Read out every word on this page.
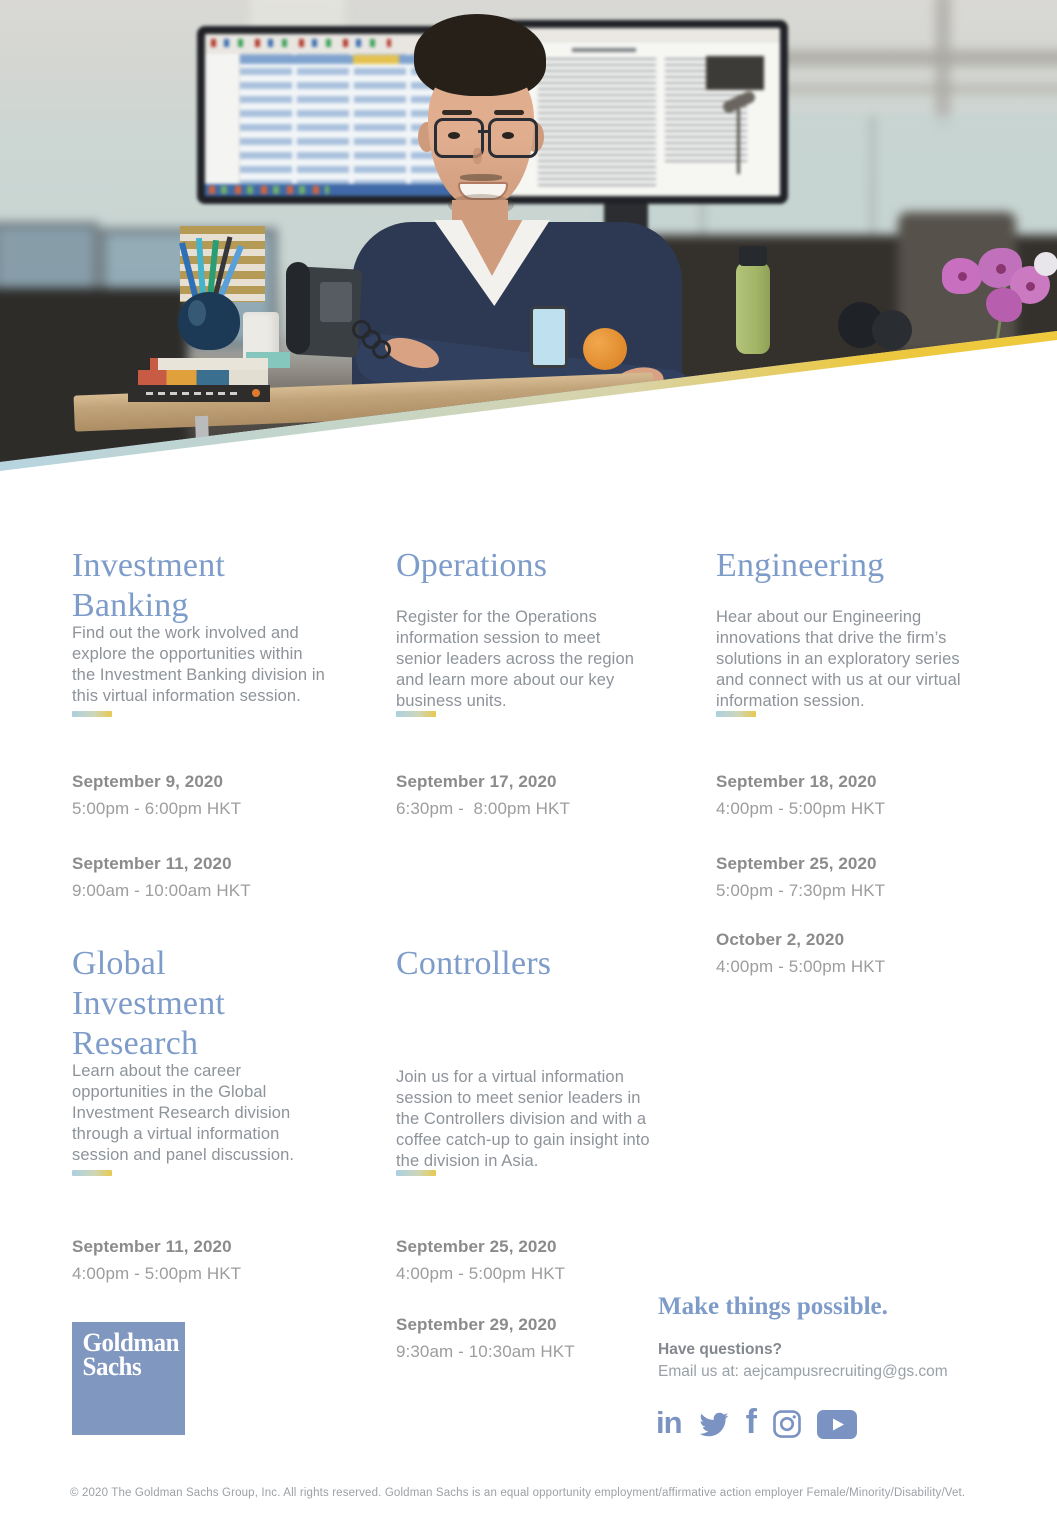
Investment Banking
Operations	Engineering
Global Investment Research
Controllers

Find out the work involved and explore the opportunities within the Investment Banking division in this virtual information session.

Register for the Operations information session to meet senior leaders across the region and learn more about our key business units.

Hear about our Engineering innovations that drive the firm’s solutions in an exploratory series and connect with us at our virtual information session.

Learn about the career opportunities in the Global Investment Research division through a virtual information session and panel discussion.

Join us for a virtual information session to meet senior leaders in the Controllers division and with a coffee catch-up to gain insight into the division in Asia.

September 9, 2020
5:00pm - 6:00pm HKT
September 11, 2020
9:00am - 10:00am HKT
September 17, 2020
6:30pm -  8:00pm HKT
September 18, 2020
4:00pm - 5:00pm HKT
September 25, 2020
5:00pm - 7:30pm HKT
October 2, 2020
4:00pm - 5:00pm HKT
September 11, 2020
4:00pm - 5:00pm HKT
September 25, 2020
4:00pm - 5:00pm HKT
September 29, 2020
9:30am - 10:30am HKT
Goldman
Sachs
Make things possible.
Have questions?
Email us at: aejcampusrecruiting@gs.com
in f
© 2020 The Goldman Sachs Group, Inc. All rights reserved. Goldman Sachs is an equal opportunity employment/affirmative action employer Female/Minority/Disability/Vet.
